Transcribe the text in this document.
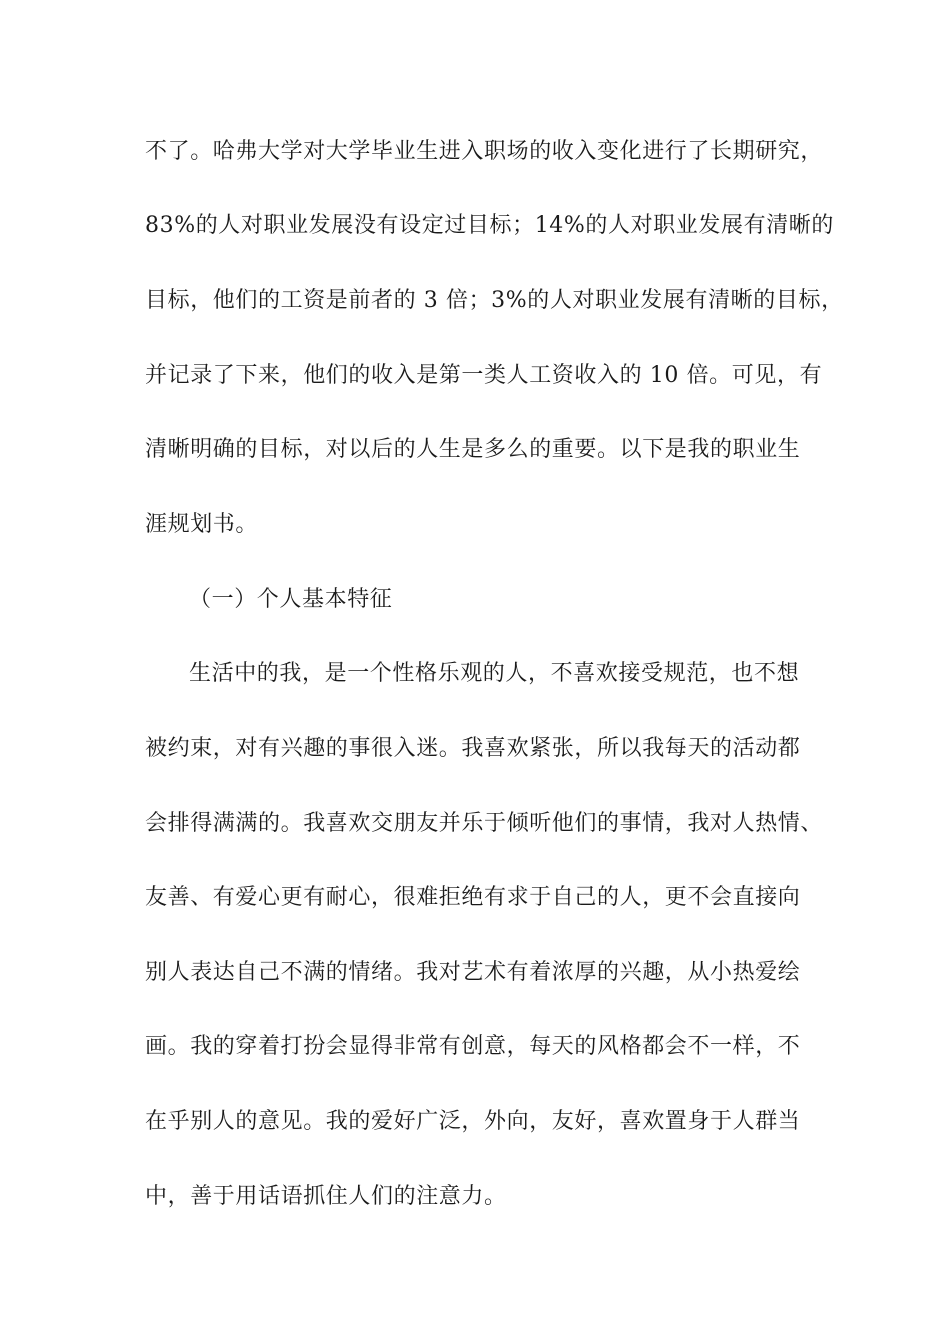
不了。哈弗大学对大学毕业生进入职场的收入变化进行了长期研究，
83%的人对职业发展没有设定过目标；14%的人对职业发展有清晰的
目标，他们的工资是前者的 3 倍；3%的人对职业发展有清晰的目标，
并记录了下来，他们的收入是第一类人工资收入的 10 倍。可见，有
清晰明确的目标，对以后的人生是多么的重要。以下是我的职业生
涯规划书。
（一）个人基本特征
生活中的我，是一个性格乐观的人，不喜欢接受规范，也不想
被约束，对有兴趣的事很入迷。我喜欢紧张，所以我每天的活动都
会排得满满的。我喜欢交朋友并乐于倾听他们的事情，我对人热情、
友善、有爱心更有耐心，很难拒绝有求于自己的人，更不会直接向
别人表达自己不满的情绪。我对艺术有着浓厚的兴趣，从小热爱绘
画。我的穿着打扮会显得非常有创意，每天的风格都会不一样，不
在乎别人的意见。我的爱好广泛，外向，友好，喜欢置身于人群当
中，善于用话语抓住人们的注意力。
